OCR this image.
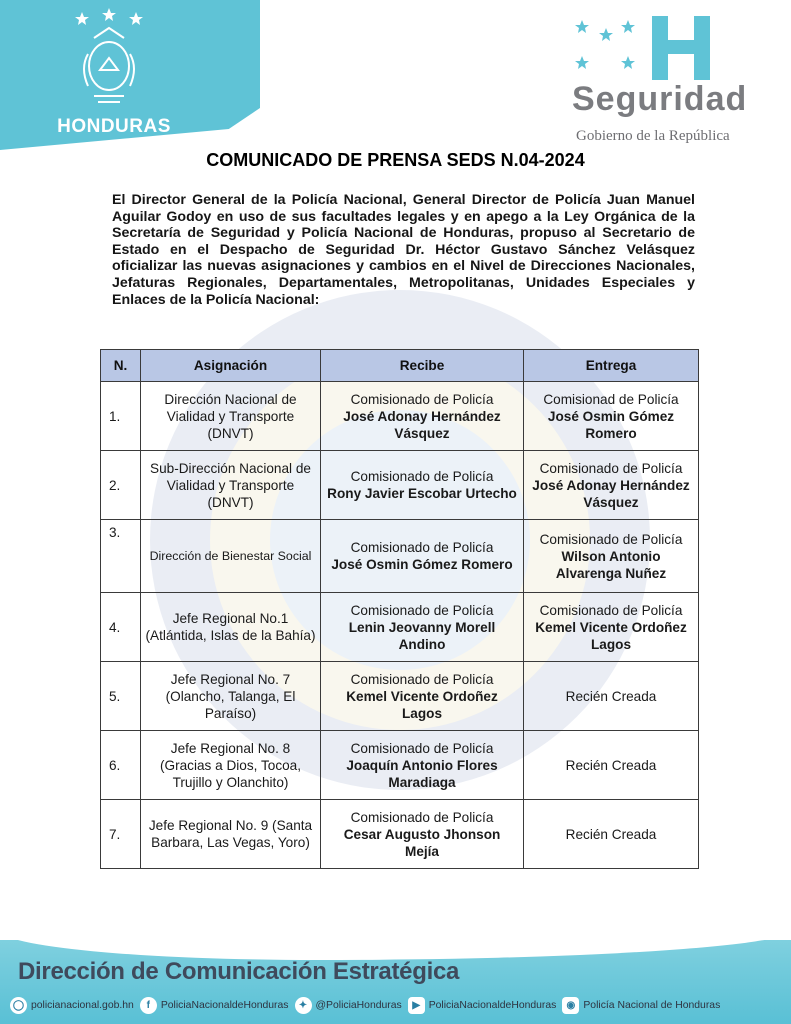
HONDURAS
Seguridad
Gobierno de la República
COMUNICADO DE PRENSA SEDS N.04-2024
El Director General de la Policía Nacional, General Director de Policía Juan Manuel Aguilar Godoy en uso de sus facultades legales y en apego a la Ley Orgánica de la Secretaría de Seguridad y Policía Nacional de Honduras, propuso al Secretario de Estado en el Despacho de Seguridad Dr. Héctor Gustavo Sánchez Velásquez oficializar las nuevas asignaciones y cambios en el Nivel de Direcciones Nacionales, Jefaturas Regionales, Departamentales, Metropolitanas, Unidades Especiales y Enlaces de la Policía Nacional:
N.	Asignación	Recibe	Entrega
1.	Dirección Nacional de Vialidad y Transporte (DNVT)	Comisionado de Policía
José Adonay Hernández Vásquez	Comisionad de Policía
José Osmin Gómez Romero
2.	Sub-Dirección Nacional de Vialidad y Transporte (DNVT)	Comisionado de Policía
Rony Javier Escobar Urtecho	Comisionado de Policía José Adonay Hernández Vásquez
3.	Dirección de Bienestar Social	Comisionado de Policía
José Osmin Gómez Romero	Comisionado de Policía Wilson Antonio Alvarenga Nuñez
4.	Jefe Regional No.1 (Atlántida, Islas de la Bahía)	Comisionado de Policía
Lenin Jeovanny Morell Andino	Comisionado de Policía Kemel Vicente Ordoñez Lagos
5.	Jefe Regional No. 7 (Olancho, Talanga, El Paraíso)	Comisionado de Policía
Kemel Vicente Ordoñez Lagos	Recién Creada
6.	Jefe Regional No. 8 (Gracias a Dios, Tocoa, Trujillo y Olanchito)	Comisionado de Policía
Joaquín Antonio Flores Maradiaga	Recién Creada
7.	Jefe Regional No. 9 (Santa Barbara, Las Vegas, Yoro)	Comisionado de Policía
Cesar Augusto Jhonson Mejía	Recién Creada
Dirección de Comunicación Estratégica
◯ policianacional.gob.hn	f	PoliciaNacionaldeHonduras	✦ @PoliciaHonduras	▶ PoliciaNacionaldeHonduras	◉ Policía Nacional de Honduras
